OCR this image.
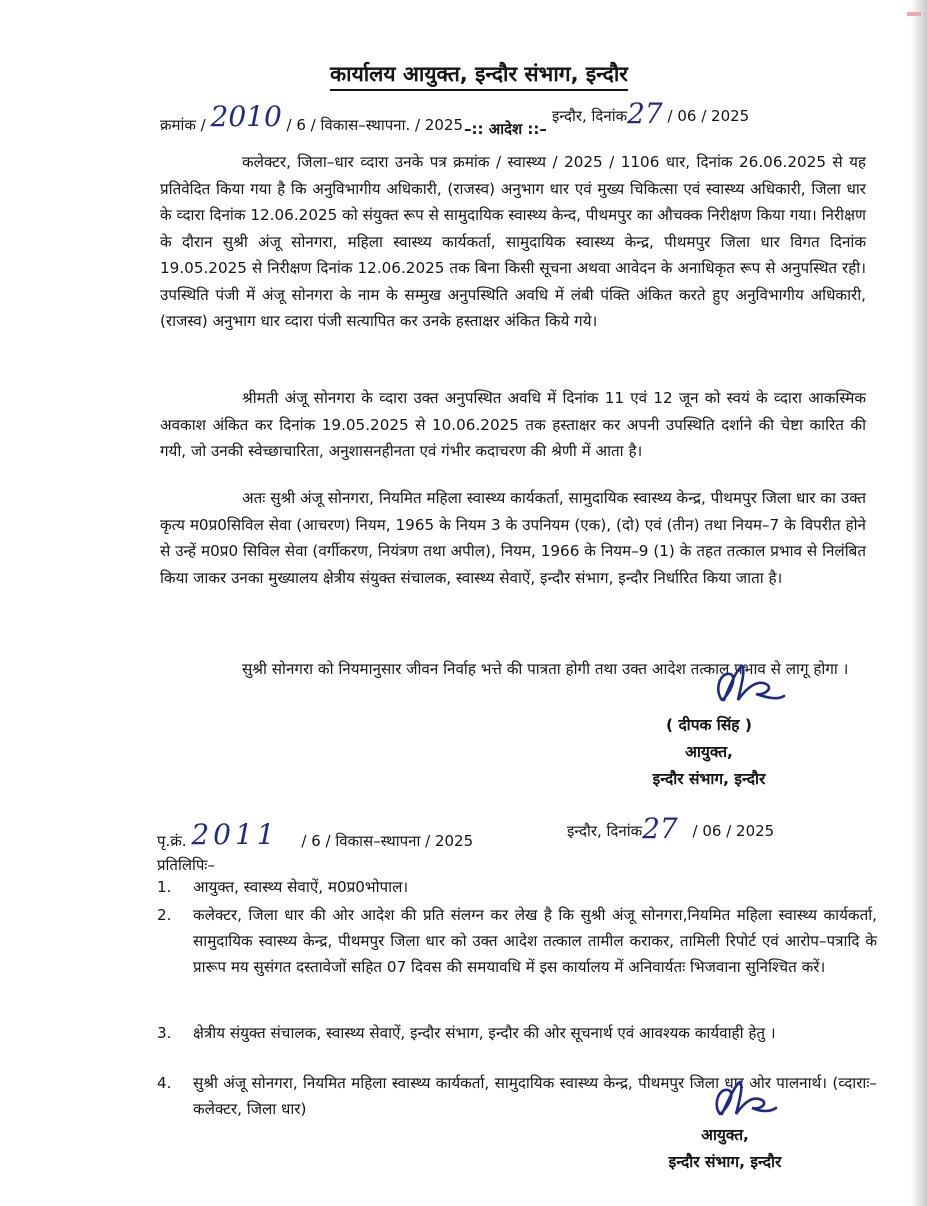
कार्यालय आयुक्त, इन्दौर संभाग, इन्दौर
क्रमांक / 2010 / 6 / विकास–स्थापना. / 2025	इन्दौर, दिनांक27 / 06 / 2025
–:: आदेश ::–
कलेक्टर, जिला–धार व्दारा उनके पत्र क्रमांक / स्वास्थ्य / 2025 / 1106 धार, दिनांक 26.06.2025 से यह प्रतिवेदित किया गया है कि अनुविभागीय अधिकारी, (राजस्व) अनुभाग धार एवं मुख्य चिकित्सा एवं स्वास्थ्य अधिकारी, जिला धार के व्दारा दिनांक 12.06.2025 को संयुक्त रूप से सामुदायिक स्वास्थ्य केन्द, पीथमपुर का औचक्क निरीक्षण किया गया। निरीक्षण के दौरान सुश्री अंजू सोनगरा, महिला स्वास्थ्य कार्यकर्ता, सामुदायिक स्वास्थ्य केन्द्र, पीथमपुर जिला धार विगत दिनांक 19.05.2025 से निरीक्षण दिनांक 12.06.2025 तक बिना किसी सूचना अथवा आवेदन के अनाधिकृत रूप से अनुपस्थित रही। उपस्थिति पंजी में अंजू सोनगरा के नाम के सम्मुख अनुपस्थिति अवधि में लंबी पंक्ति अंकित करते हुए अनुविभागीय अधिकारी, (राजस्व) अनुभाग धार व्दारा पंजी सत्यापित कर उनके हस्ताक्षर अंकित किये गये।
श्रीमती अंजू सोनगरा के व्दारा उक्त अनुपस्थित अवधि में दिनांक 11 एवं 12 जून को स्वयं के व्दारा आकस्मिक अवकाश अंकित कर दिनांक 19.05.2025 से 10.06.2025 तक हस्ताक्षर कर अपनी उपस्थिति दर्शाने की चेष्टा कारित की गयी, जो उनकी स्वेच्छाचारिता, अनुशासनहीनता एवं गंभीर कदाचरण की श्रेणी में आता है।
अतः सुश्री अंजू सोनगरा, नियमित महिला स्वास्थ्य कार्यकर्ता, सामुदायिक स्वास्थ्य केन्द्र, पीथमपुर जिला धार का उक्त कृत्य म0प्र0सिविल सेवा (आचरण) नियम, 1965 के नियम 3 के उपनियम (एक), (दो) एवं (तीन) तथा नियम–7 के विपरीत होने से उन्हें म0प्र0 सिविल सेवा (वर्गीकरण, नियंत्रण तथा अपील), नियम, 1966 के नियम–9 (1) के तहत तत्काल प्रभाव से निलंबित किया जाकर उनका मुख्यालय क्षेत्रीय संयुक्त संचालक, स्वास्थ्य सेवाऐं, इन्दौर संभाग, इन्दौर निर्धारित किया जाता है।
सुश्री सोनगरा को नियमानुसार जीवन निर्वाह भत्ते की पात्रता होगी तथा उक्त आदेश तत्काल प्रभाव से लागू होगा ।
( दीपक सिंह )
आयुक्त,
इन्दौर संभाग, इन्दौर
पृ.क्रं. 2011 / 6 / विकास–स्थापना / 2025
इन्दौर, दिनांक27 / 06 / 2025
प्रतिलिपिः–
1.	आयुक्त, स्वास्थ्य सेवाऐं, म0प्र0भोपाल।
2.	कलेक्टर, जिला धार की ओर आदेश की प्रति संलग्न कर लेख है कि सुश्री अंजू सोनगरा,नियमित महिला स्वास्थ्य कार्यकर्ता, सामुदायिक स्वास्थ्य केन्द्र, पीथमपुर जिला धार को उक्त आदेश तत्काल तामील कराकर, तामिली रिपोर्ट एवं आरोप–पत्रादि के प्रारूप मय सुसंगत दस्तावेजों सहित 07 दिवस की समयावधि में इस कार्यालय में अनिवार्यतः भिजवाना सुनिश्चित करें।
3.	क्षेत्रीय संयुक्त संचालक, स्वास्थ्य सेवाऐं, इन्दौर संभाग, इन्दौर की ओर सूचनार्थ एवं आवश्यक कार्यवाही हेतु ।
4.	सुश्री अंजू सोनगरा, नियमित महिला स्वास्थ्य कार्यकर्ता, सामुदायिक स्वास्थ्य केन्द्र, पीथमपुर जिला धार ओर पालनार्थ। (व्दाराः–कलेक्टर, जिला धार)
आयुक्त,
इन्दौर संभाग, इन्दौर
